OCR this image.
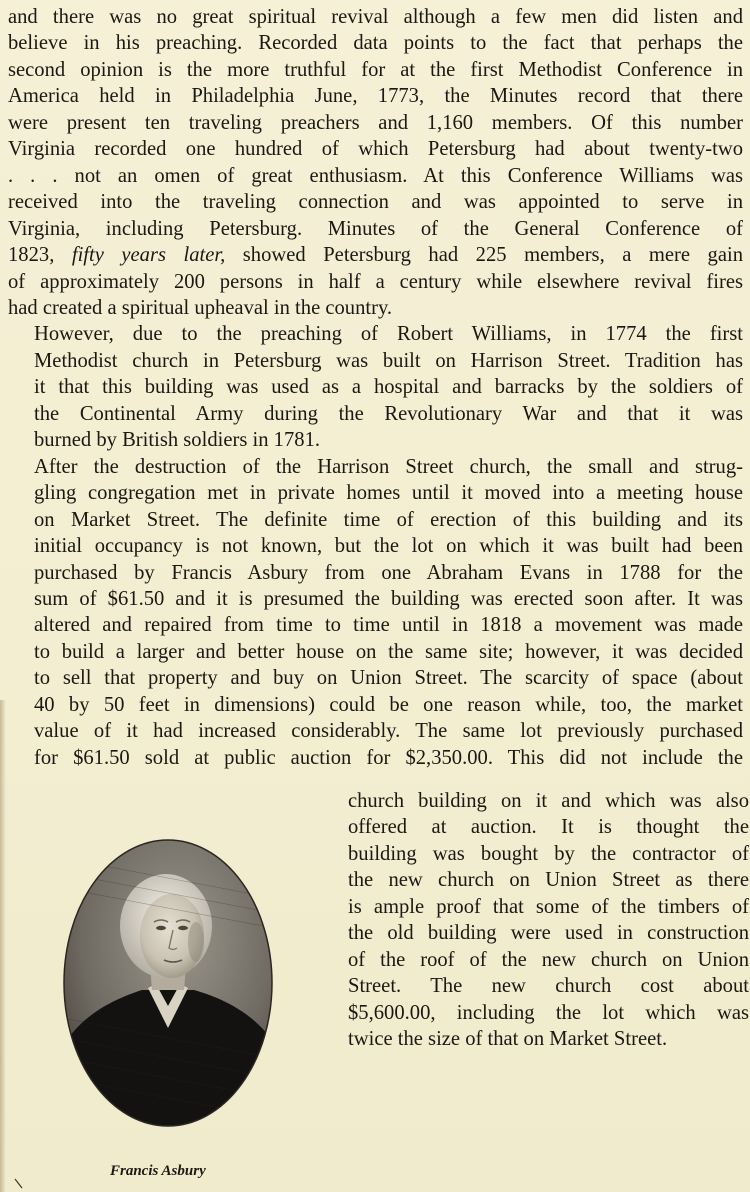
and there was no great spiritual revival although a few men did listen and
believe in his preaching. Recorded data points to the fact that perhaps the
second opinion is the more truthful for at the first Methodist Conference in
America held in Philadelphia June, 1773, the Minutes record that there
were present ten traveling preachers and 1,160 members. Of this number
Virginia recorded one hundred of which Petersburg had about twenty-two
. . . not an omen of great enthusiasm. At this Conference Williams was
received into the traveling connection and was appointed to serve in
Virginia, including Petersburg. Minutes of the General Conference of
1823, fifty years later, showed Petersburg had 225 members, a mere gain
of approximately 200 persons in half a century while elsewhere revival fires
had created a spiritual upheaval in the country.

However, due to the preaching of Robert Williams, in 1774 the first
Methodist church in Petersburg was built on Harrison Street. Tradition has
it that this building was used as a hospital and barracks by the soldiers of
the Continental Army during the Revolutionary War and that it was
burned by British soldiers in 1781.

After the destruction of the Harrison Street church, the small and strug-
gling congregation met in private homes until it moved into a meeting house
on Market Street. The definite time of erection of this building and its
initial occupancy is not known, but the lot on which it was built had been
purchased by Francis Asbury from one Abraham Evans in 1788 for the
sum of $61.50 and it is presumed the building was erected soon after. It was
altered and repaired from time to time until in 1818 a movement was made
to build a larger and better house on the same site; however, it was decided
to sell that property and buy on Union Street. The scarcity of space (about
40 by 50 feet in dimensions) could be one reason while, too, the market
value of it had increased considerably. The same lot previously purchased
for $61.50 sold at public auction for $2,350.00. This did not include the

church building on it and which was also
offered at auction. It is thought the
building was bought by the contractor of
the new church on Union Street as there
is ample proof that some of the timbers of
the old building were used in construction
of the roof of the new church on Union
Street. The new church cost about
$5,600.00, including the lot which was
twice the size of that on Market Street.
Francis Asbury
